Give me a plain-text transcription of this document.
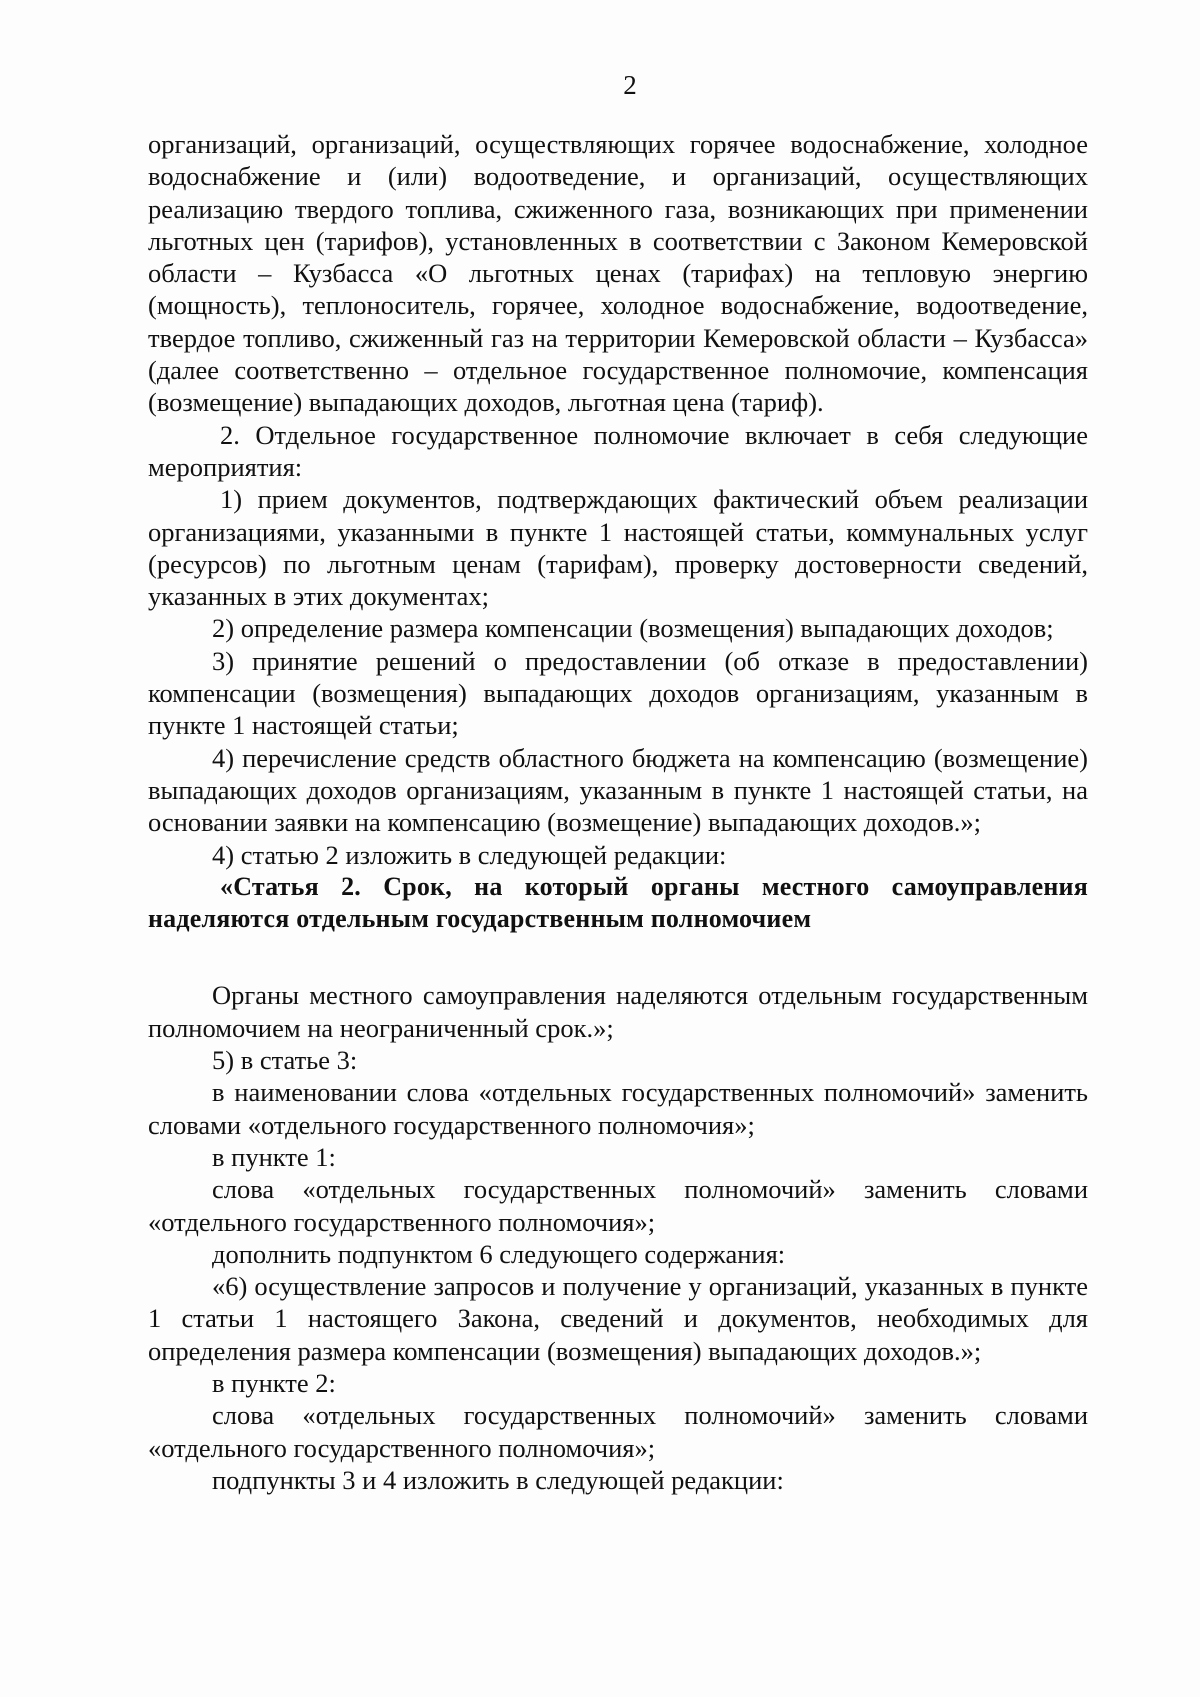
2

организаций, организаций, осуществляющих горячее водоснабжение, холодное водоснабжение и (или) водоотведение, и организаций, осуществляющих реализацию твердого топлива, сжиженного газа, возникающих при применении льготных цен (тарифов), установленных в соответствии с Законом Кемеровской области – Кузбасса «О льготных ценах (тарифах) на тепловую энергию (мощность), теплоноситель, горячее, холодное водоснабжение, водоотведение, твердое топливо, сжиженный газ на территории Кемеровской области – Кузбасса» (далее соответственно – отдельное государственное полномочие, компенсация (возмещение) выпадающих доходов, льготная цена (тариф).

2. Отдельное государственное полномочие включает в себя следующие мероприятия:

1) прием документов, подтверждающих фактический объем реализации организациями, указанными в пункте 1 настоящей статьи, коммунальных услуг (ресурсов) по льготным ценам (тарифам), проверку достоверности сведений, указанных в этих документах;

2) определение размера компенсации (возмещения) выпадающих доходов;

3) принятие решений о предоставлении (об отказе в предоставлении) компенсации (возмещения) выпадающих доходов организациям, указанным в пункте 1 настоящей статьи;

4) перечисление средств областного бюджета на компенсацию (возмещение) выпадающих доходов организациям, указанным в пункте 1 настоящей статьи, на основании заявки на компенсацию (возмещение) выпадающих доходов.»;

4) статью 2 изложить в следующей редакции:

«Статья 2. Срок, на который органы местного самоуправления наделяются отдельным государственным полномочием

Органы местного самоуправления наделяются отдельным государственным полномочием на неограниченный срок.»;

5) в статье 3:

в наименовании слова «отдельных государственных полномочий» заменить словами «отдельного государственного полномочия»;

в пункте 1:

слова «отдельных государственных полномочий» заменить словами «отдельного государственного полномочия»;

дополнить подпунктом 6 следующего содержания:

«6) осуществление запросов и получение у организаций, указанных в пункте 1 статьи 1 настоящего Закона, сведений и документов, необходимых для определения размера компенсации (возмещения) выпадающих доходов.»;

в пункте 2:

слова «отдельных государственных полномочий» заменить словами «отдельного государственного полномочия»;

подпункты 3 и 4 изложить в следующей редакции:
